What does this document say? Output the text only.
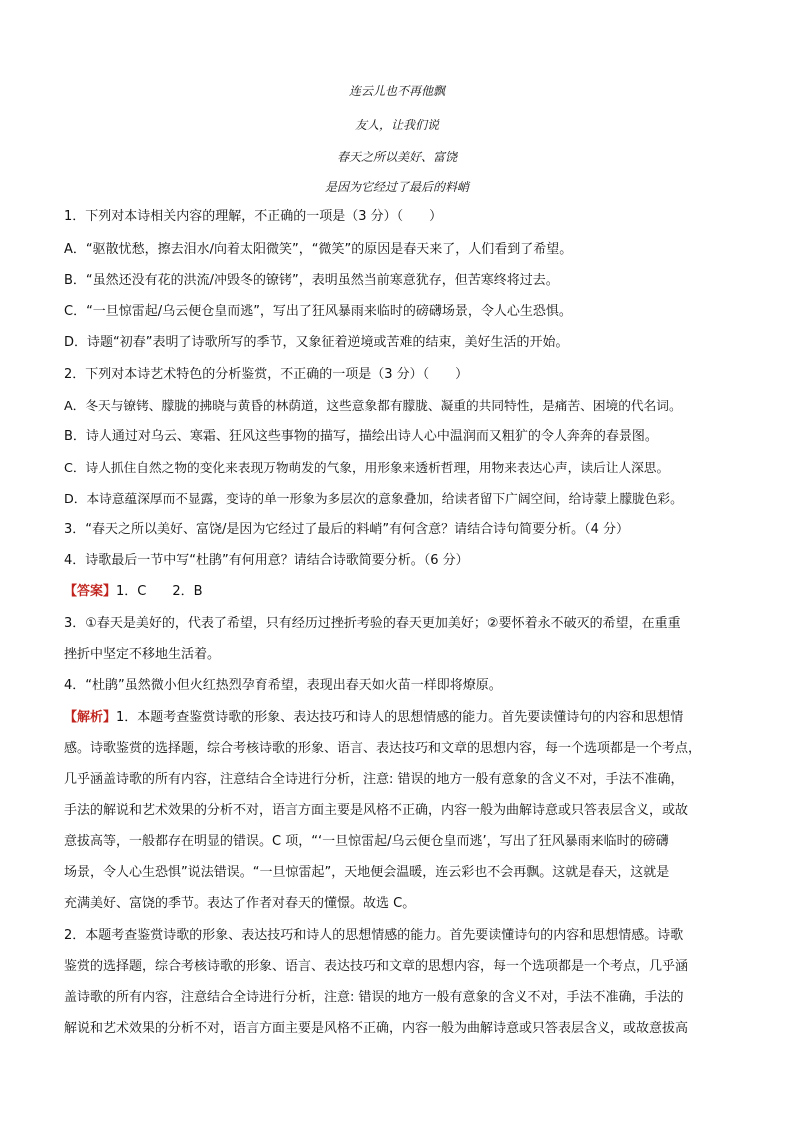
连云儿也不再他飘
友人，让我们说
春天之所以美好、富饶
是因为它经过了最后的料峭
1．下列对本诗相关内容的理解，不正确的一项是（3 分）（　　）
A．“驱散忧愁，擦去泪水/向着太阳微笑”，“微笑”的原因是春天来了，人们看到了希望。
B．“虽然还没有花的洪流/冲毁冬的镣铐”，表明虽然当前寒意犹存，但苦寒终将过去。
C．“一旦惊雷起/乌云便仓皇而逃”，写出了狂风暴雨来临时的磅礴场景，令人心生恐惧。
D．诗题“初春”表明了诗歌所写的季节，又象征着逆境或苦难的结束，美好生活的开始。
2．下列对本诗艺术特色的分析鉴赏，不正确的一项是（3 分）（　　）
A．冬天与镣铐、朦胧的拂晓与黄昏的林荫道，这些意象都有朦胧、凝重的共同特性，是痛苦、困境的代名词。
B．诗人通过对乌云、寒霜、狂风这些事物的描写，描绘出诗人心中温润而又粗犷的令人奔奔的春景图。
C．诗人抓住自然之物的变化来表现万物萌发的气象，用形象来透析哲理，用物来表达心声，读后让人深思。
D．本诗意蕴深厚而不显露，变诗的单一形象为多层次的意象叠加，给读者留下广阔空间，给诗蒙上朦胧色彩。
3．“春天之所以美好、富饶/是因为它经过了最后的料峭”有何含意？请结合诗句简要分析。（4 分）
4．诗歌最后一节中写“杜鹃”有何用意？请结合诗歌简要分析。（6 分）
【答案】1．C　　2．B
3．①春天是美好的，代表了希望，只有经历过挫折考验的春天更加美好；②要怀着永不破灭的希望，在重重
挫折中坚定不移地生活着。
4．“杜鹃”虽然微小但火红热烈孕育希望，表现出春天如火苗一样即将燎原。
【解析】1．本题考查鉴赏诗歌的形象、表达技巧和诗人的思想情感的能力。首先要读懂诗句的内容和思想情
感。诗歌鉴赏的选择题，综合考核诗歌的形象、语言、表达技巧和文章的思想内容，每一个选项都是一个考点，
几乎涵盖诗歌的所有内容，注意结合全诗进行分析，注意: 错误的地方一般有意象的含义不对，手法不准确，
手法的解说和艺术效果的分析不对，语言方面主要是风格不正确，内容一般为曲解诗意或只答表层含义，或故
意拔高等，一般都存在明显的错误。C 项，“‘一旦惊雷起/乌云便仓皇而逃’，写出了狂风暴雨来临时的磅礴
场景，令人心生恐惧”说法错误。“一旦惊雷起”，天地便会温暖，连云彩也不会再飘。这就是春天，这就是
充满美好、富饶的季节。表达了作者对春天的懂憬。故选 C。
2．本题考查鉴赏诗歌的形象、表达技巧和诗人的思想情感的能力。首先要读懂诗句的内容和思想情感。诗歌
鉴赏的选择题，综合考核诗歌的形象、语言、表达技巧和文章的思想内容，每一个选项都是一个考点，几乎涵
盖诗歌的所有内容，注意结合全诗进行分析，注意: 错误的地方一般有意象的含义不对，手法不准确，手法的
解说和艺术效果的分析不对，语言方面主要是风格不正确，内容一般为曲解诗意或只答表层含义，或故意拔高
